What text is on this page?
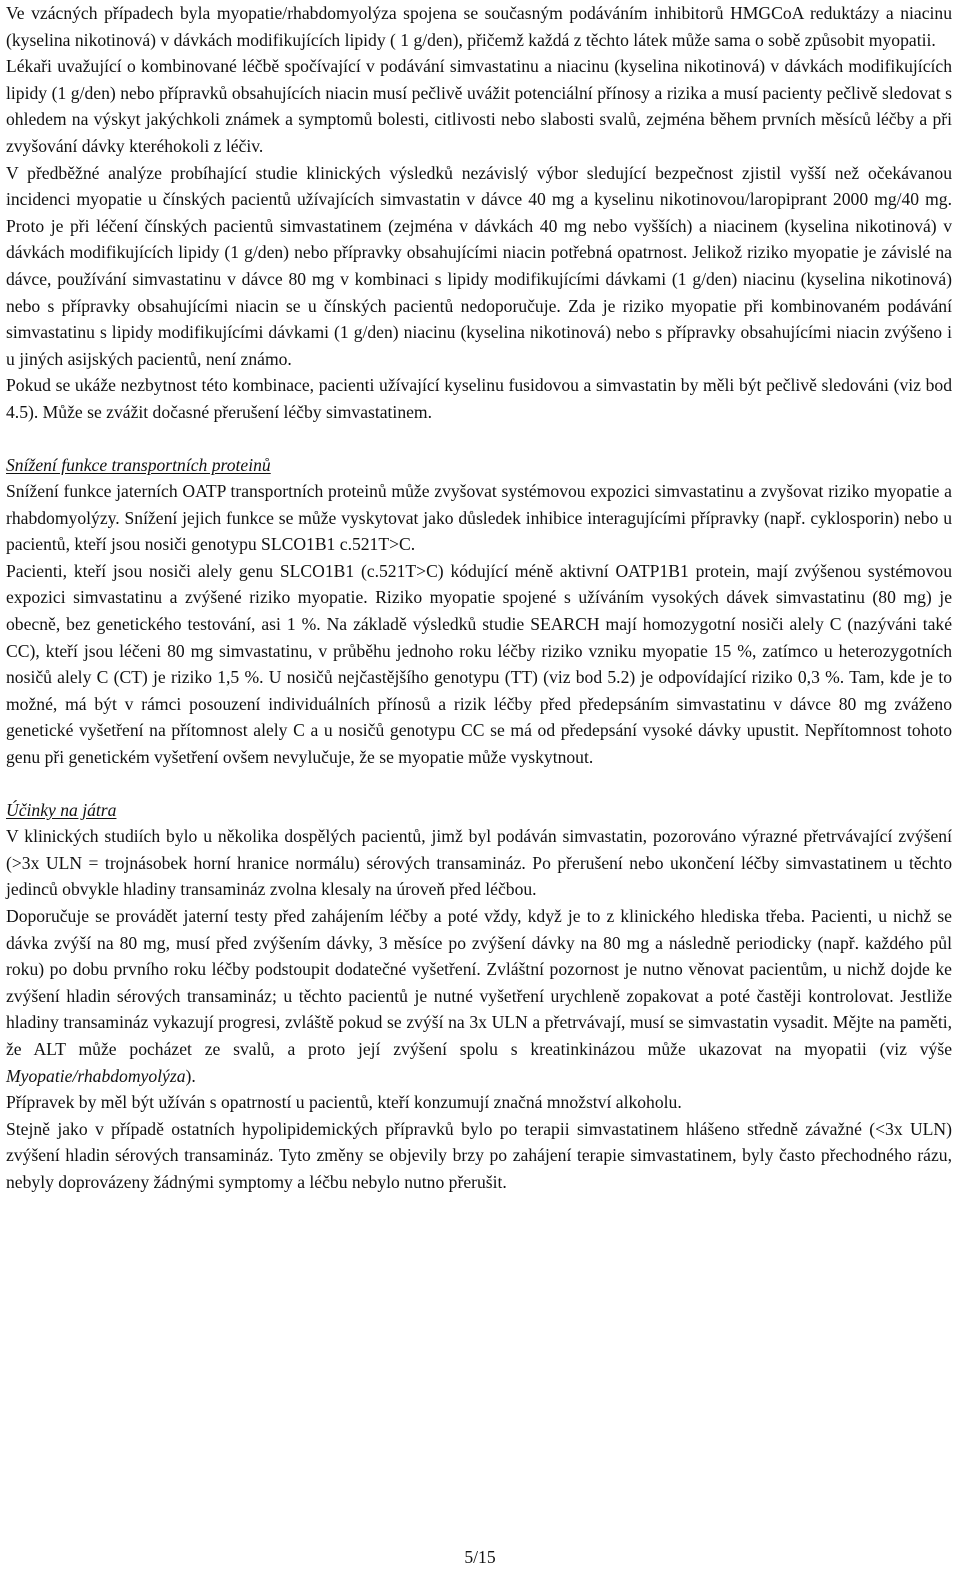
Ve vzácných případech byla myopatie/rhabdomyolýza spojena se současným podáváním inhibitorů HMGCoA reduktázy a niacinu (kyselina nikotinová) v dávkách modifikujících lipidy ( 1 g/den), přičemž každá z těchto látek může sama o sobě způsobit myopatii.

Lékaři uvažující o kombinované léčbě spočívající v podávání simvastatinu a niacinu (kyselina nikotinová) v dávkách modifikujících lipidy (1 g/den) nebo přípravků obsahujících niacin musí pečlivě uvážit potenciální přínosy a rizika a musí pacienty pečlivě sledovat s ohledem na výskyt jakýchkoli známek a symptomů bolesti, citlivosti nebo slabosti svalů, zejména během prvních měsíců léčby a při zvyšování dávky kteréhokoli z léčiv.

V předběžné analýze probíhající studie klinických výsledků nezávislý výbor sledující bezpečnost zjistil vyšší než očekávanou incidenci myopatie u čínských pacientů užívajících simvastatin v dávce 40 mg a kyselinu nikotinovou/laropiprant 2000 mg/40 mg. Proto je při léčení čínských pacientů simvastatinem (zejména v dávkách 40 mg nebo vyšších) a niacinem (kyselina nikotinová) v dávkách modifikujících lipidy (1 g/den) nebo přípravky obsahujícími niacin potřebná opatrnost. Jelikož riziko myopatie je závislé na dávce, používání simvastatinu v dávce 80 mg v kombinaci s lipidy modifikujícími dávkami (1 g/den) niacinu (kyselina nikotinová) nebo s přípravky obsahujícími niacin se u čínských pacientů nedoporučuje. Zda je riziko myopatie při kombinovaném podávání simvastatinu s lipidy modifikujícími dávkami (1 g/den) niacinu (kyselina nikotinová) nebo s přípravky obsahujícími niacin zvýšeno i u jiných asijských pacientů, není známo.

Pokud se ukáže nezbytnost této kombinace, pacienti užívající kyselinu fusidovou a simvastatin by měli být pečlivě sledováni (viz bod 4.5). Může se zvážit dočasné přerušení léčby simvastatinem.

Snížení funkce transportních proteinů

Snížení funkce jaterních OATP transportních proteinů může zvyšovat systémovou expozici simvastatinu a zvyšovat riziko myopatie a rhabdomyolýzy. Snížení jejich funkce se může vyskytovat jako důsledek inhibice interagujícími přípravky (např. cyklosporin) nebo u pacientů, kteří jsou nosiči genotypu SLCO1B1 c.521T>C.

Pacienti, kteří jsou nosiči alely genu SLCO1B1 (c.521T>C) kódující méně aktivní OATP1B1 protein, mají zvýšenou systémovou expozici simvastatinu a zvýšené riziko myopatie. Riziko myopatie spojené s užíváním vysokých dávek simvastatinu (80 mg) je obecně, bez genetického testování, asi 1 %. Na základě výsledků studie SEARCH mají homozygotní nosiči alely C (nazýváni také CC), kteří jsou léčeni 80 mg simvastatinu, v průběhu jednoho roku léčby riziko vzniku myopatie 15 %, zatímco u heterozygotních nosičů alely C (CT) je riziko 1,5 %. U nosičů nejčastějšího genotypu (TT) (viz bod 5.2) je odpovídající riziko 0,3 %. Tam, kde je to možné, má být v rámci posouzení individuálních přínosů a rizik léčby před předepsáním simvastatinu v dávce 80 mg zváženo genetické vyšetření na přítomnost alely C a u nosičů genotypu CC se má od předepsání vysoké dávky upustit. Nepřítomnost tohoto genu při genetickém vyšetření ovšem nevylučuje, že se myopatie může vyskytnout.

Účinky na játra

V klinických studiích bylo u několika dospělých pacientů, jimž byl podáván simvastatin, pozorováno výrazné přetrvávající zvýšení (>3x ULN = trojnásobek horní hranice normálu) sérových transamináz. Po přerušení nebo ukončení léčby simvastatinem u těchto jedinců obvykle hladiny transamináz zvolna klesaly na úroveň před léčbou.

Doporučuje se provádět jaterní testy před zahájením léčby a poté vždy, když je to z klinického hlediska třeba. Pacienti, u nichž se dávka zvýší na 80 mg, musí před zvýšením dávky, 3 měsíce po zvýšení dávky na 80 mg a následně periodicky (např. každého půl roku) po dobu prvního roku léčby podstoupit dodatečné vyšetření. Zvláštní pozornost je nutno věnovat pacientům, u nichž dojde ke zvýšení hladin sérových transamináz; u těchto pacientů je nutné vyšetření urychleně zopakovat a poté častěji kontrolovat. Jestliže hladiny transamináz vykazují progresi, zvláště pokud se zvýší na 3x ULN a přetrvávají, musí se simvastatin vysadit. Mějte na paměti, že ALT může pocházet ze svalů, a proto její zvýšení spolu s kreatinkinázou může ukazovat na myopatii (viz výše Myopatie/rhabdomyolýza).

Přípravek by měl být užíván s opatrností u pacientů, kteří konzumují značná množství alkoholu.

Stejně jako v případě ostatních hypolipidemických přípravků bylo po terapii simvastatinem hlášeno středně závažné (<3x ULN) zvýšení hladin sérových transamináz. Tyto změny se objevily brzy po zahájení terapie simvastatinem, byly často přechodného rázu, nebyly doprovázeny žádnými symptomy a léčbu nebylo nutno přerušit.

5/15
